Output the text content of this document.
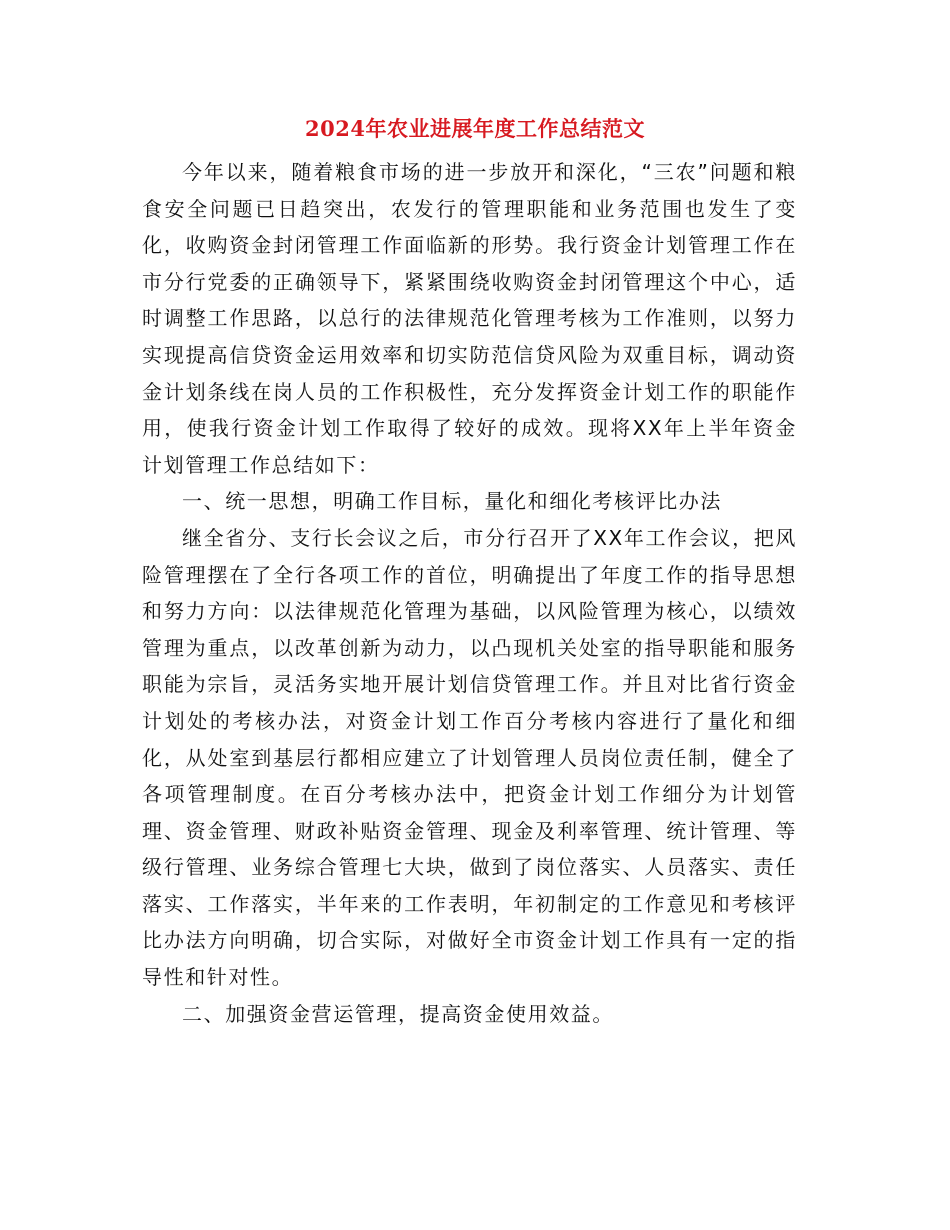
2024年农业进展年度工作总结范文

今年以来，随着粮食市场的进一步放开和深化，“三农”问题和粮食安全问题已日趋突出，农发行的管理职能和业务范围也发生了变化，收购资金封闭管理工作面临新的形势。我行资金计划管理工作在市分行党委的正确领导下，紧紧围绕收购资金封闭管理这个中心，适时调整工作思路，以总行的法律规范化管理考核为工作准则，以努力实现提高信贷资金运用效率和切实防范信贷风险为双重目标，调动资金计划条线在岗人员的工作积极性，充分发挥资金计划工作的职能作用，使我行资金计划工作取得了较好的成效。现将XX年上半年资金计划管理工作总结如下：

一、统一思想，明确工作目标，量化和细化考核评比办法

继全省分、支行长会议之后，市分行召开了XX年工作会议，把风险管理摆在了全行各项工作的首位，明确提出了年度工作的指导思想和努力方向：以法律规范化管理为基础，以风险管理为核心，以绩效管理为重点，以改革创新为动力，以凸现机关处室的指导职能和服务职能为宗旨，灵活务实地开展计划信贷管理工作。并且对比省行资金计划处的考核办法，对资金计划工作百分考核内容进行了量化和细化，从处室到基层行都相应建立了计划管理人员岗位责任制，健全了各项管理制度。在百分考核办法中，把资金计划工作细分为计划管理、资金管理、财政补贴资金管理、现金及利率管理、统计管理、等级行管理、业务综合管理七大块，做到了岗位落实、人员落实、责任落实、工作落实，半年来的工作表明，年初制定的工作意见和考核评比办法方向明确，切合实际，对做好全市资金计划工作具有一定的指导性和针对性。

二、加强资金营运管理，提高资金使用效益。
